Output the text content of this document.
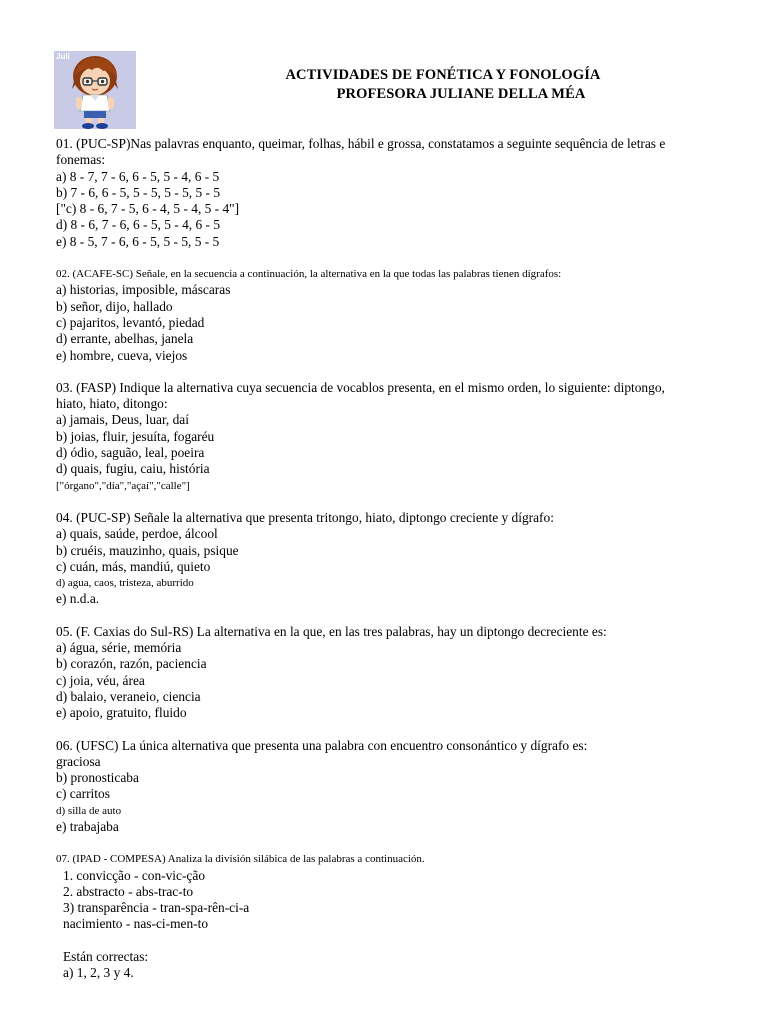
Juli
ACTIVIDADES DE FONÉTICA Y FONOLOGÍA
PROFESORA JULIANE DELLA MÉA
01. (PUC-SP)Nas palavras enquanto, queimar, folhas, hábil e grossa, constatamos a seguinte sequência de letras e
fonemas:
a) 8 - 7, 7 - 6, 6 - 5, 5 - 4, 6 - 5
b) 7 - 6, 6 - 5, 5 - 5, 5 - 5, 5 - 5
["c) 8 - 6, 7 - 5, 6 - 4, 5 - 4, 5 - 4"]
d) 8 - 6, 7 - 6, 6 - 5, 5 - 4, 6 - 5
e) 8 - 5, 7 - 6, 6 - 5, 5 - 5, 5 - 5
02. (ACAFE-SC) Señale, en la secuencia a continuación, la alternativa en la que todas las palabras tienen dígrafos:
a) historias, imposible, máscaras
b) señor, dijo, hallado
c) pajaritos, levantó, piedad
d) errante, abelhas, janela
e) hombre, cueva, viejos
03. (FASP) Indique la alternativa cuya secuencia de vocablos presenta, en el mismo orden, lo siguiente: diptongo,
hiato, hiato, ditongo:
a) jamais, Deus, luar, daí
b) joias, fluir, jesuíta, fogaréu
d) ódio, saguão, leal, poeira
d) quais, fugiu, caiu, história
["órgano","día","açaí","calle"]
04. (PUC-SP) Señale la alternativa que presenta tritongo, hiato, diptongo creciente y dígrafo:
a) quais, saúde, perdoe, álcool
b) cruéis, mauzinho, quais, psique
c) cuán, más, mandiú, quieto
d) agua, caos, tristeza, aburrido
e) n.d.a.
05. (F. Caxias do Sul-RS) La alternativa en la que, en las tres palabras, hay un diptongo decreciente es:
a) água, série, memória
b) corazón, razón, paciencia
c) joia, véu, área
d) balaio, veraneio, ciencia
e) apoio, gratuito, fluido
06. (UFSC) La única alternativa que presenta una palabra con encuentro consonántico y dígrafo es:
graciosa
b) pronosticaba
c) carritos
d) silla de auto
e) trabajaba
07. (IPAD - COMPESA) Analiza la división silábica de las palabras a continuación.
1. convicção - con-vic-ção
2. abstracto - abs-trac-to
3) transparência - tran-spa-rên-ci-a
nacimiento - nas-ci-men-to
Están correctas:
a) 1, 2, 3 y 4.
